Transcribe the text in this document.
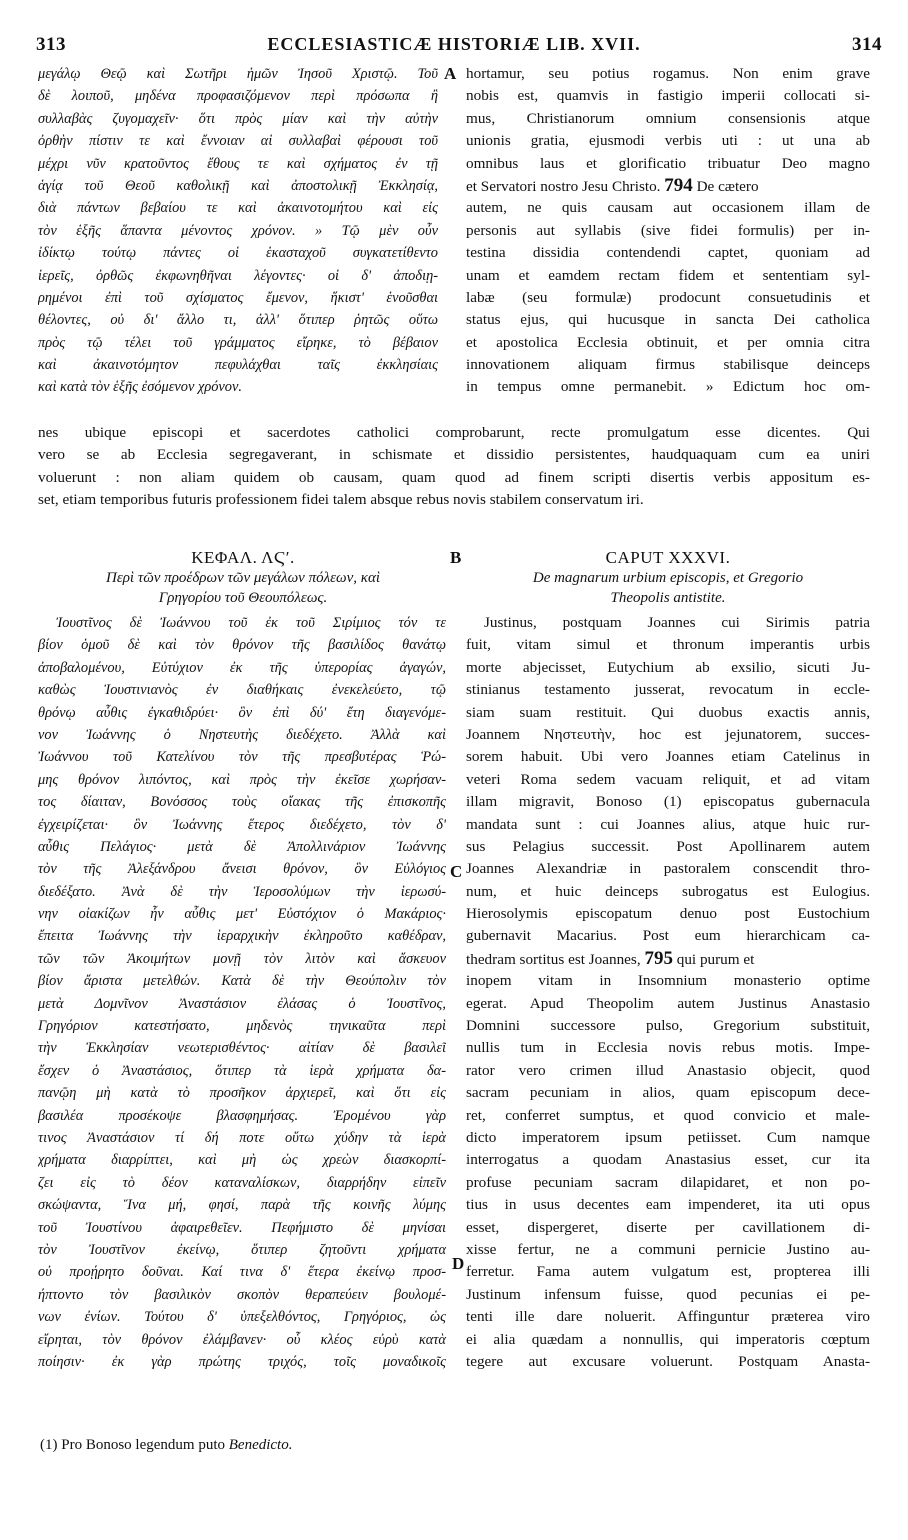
313	ECCLESIASTICÆ HISTORIÆ LIB. XVII.	314
μεγάλῳ Θεῷ καὶ Σωτῆρι ἡμῶν Ἰησοῦ Χριστῷ. Τοῦ
δὲ λοιποῦ, μηδένα προφασιζόμενον περὶ πρόσωπα ἢ
συλλαβὰς ζυγομαχεῖν· ὅτι πρὸς μίαν καὶ τὴν αὐτὴν
ὀρθὴν πίστιν τε καὶ ἔννοιαν αἱ συλλαβαὶ φέρουσι τοῦ
μέχρι νῦν κρατοῦντος ἔθους τε καὶ σχήματος ἐν τῇ
ἁγίᾳ τοῦ Θεοῦ καθολικῇ καὶ ἀποστολικῇ Ἐκκλησίᾳ,
διὰ πάντων βεβαίου τε καὶ ἀκαινοτομήτου καὶ εἰς
τὸν ἑξῆς ἅπαντα μένοντος χρόνον. » Τῷ μὲν οὖν
ἰδίκτῳ τούτῳ πάντες οἱ ἑκασταχοῦ συγκατετίθεντο
ἱερεῖς, ὀρθῶς ἐκφωνηθῆναι λέγοντες· οἱ δ' ἀποδιῃ-
ρημένοι ἐπὶ τοῦ σχίσματος ἔμενον, ἥκιστ' ἑνοῦσθαι
θέλοντες, οὐ δι' ἄλλο τι, ἀλλ' ὅτιπερ ῥητῶς οὕτω
πρὸς τῷ τέλει τοῦ γράμματος εἴρηκε, τὸ βέβαιον
καὶ ἀκαινοτόμητον πεφυλάχθαι ταῖς ἐκκλησίαις
καὶ κατὰ τὸν ἑξῆς ἐσόμενον χρόνον.
A hortamur, seu potius rogamus. Non enim grave
nobis est, quamvis in fastigio imperii collocati si-
mus, Christianorum omnium consensionis atque
unionis gratia, ejusmodi verbis uti : ut una ab
omnibus laus et glorificatio tribuatur Deo magno
et Servatori nostro Jesu Christo. 794 De cætero
autem, ne quis causam aut occasionem illam de
personis aut syllabis (sive fidei formulis) per in-
testina dissidia contendendi captet, quoniam ad
unam et eamdem rectam fidem et sententiam syl-
labæ (seu formulæ) prodocunt consuetudinis et
status ejus, qui hucusque in sancta Dei catholica
et apostolica Ecclesia obtinuit, et per omnia citra
innovationem aliquam firmus stabilisque deinceps
in tempus omne permanebit. » Edictum hoc om-
nes ubique episcopi et sacerdotes catholici comprobarunt, recte promulgatum esse dicentes. Qui
vero se ab Ecclesia segregaverant, in schismate et dissidio persistentes, haudquaquam cum ea uniri
voluerunt : non aliam quidem ob causam, quam quod ad finem scripti disertis verbis appositum es-
set, etiam temporibus futuris professionem fidei talem absque rebus novis stabilem conservatum iri.
ΚΕΦΑΛ. ΛϚʹ.
Περὶ τῶν προέδρων τῶν μεγάλων πόλεων, καὶ
Γρηγορίου τοῦ Θεουπόλεως.
B	CAPUT XXXVI.
De magnarum urbium episcopis, et Gregorio
Theopolis antistite.
Ἰουστῖνος δὲ Ἰωάννου τοῦ ἐκ τοῦ Σιρίμιος τόν τε
βίον ὁμοῦ δὲ καὶ τὸν θρόνον τῆς βασιλίδος θανάτῳ
ἀποβαλομένου, Εὐτύχιον ἐκ τῆς ὑπερορίας ἀγαγών,
καθὼς Ἰουστινιανὸς ἐν διαθήκαις ἐνεκελεύετο, τῷ
θρόνῳ αὖθις ἐγκαθιδρύει· ὃν ἐπὶ δύ' ἔτη διαγενόμε-
νον Ἰωάννης ὁ Νηστευτὴς διεδέχετο. Ἀλλὰ καὶ
Ἰωάννου τοῦ Κατελίνου τὸν τῆς πρεσβυτέρας Ῥώ-
μης θρόνον λιπόντος, καὶ πρὸς τὴν ἐκεῖσε χωρήσαν-
τος δίαιταν, Βονόσσος τοὺς οἴακας τῆς ἐπισκοπῆς
ἐγχειρίζεται· ὃν Ἰωάννης ἕτερος διεδέχετο, τὸν δ'
αὖθις Πελάγιος· μετὰ δὲ Ἀπολλινάριον Ἰωάννης
τὸν τῆς Ἀλεξάνδρου ἄνεισι θρόνον, ὃν Εὐλόγιος
διεδέξατο. Ἀνὰ δὲ τὴν Ἱεροσολύμων τὴν ἱερωσύ-
νην οἰακίζων ἦν αὖθις μετ' Εὐστόχιον ὁ Μακάριος·
ἔπειτα Ἰωάννης τὴν ἱεραρχικὴν ἐκληροῦτο καθέδραν,
τῶν τῶν Ἀκοιμήτων μονῇ τὸν λιτὸν καὶ ἄσκευον
βίον ἄριστα μετελθών. Κατὰ δὲ τὴν Θεούπολιν τὸν
μετὰ Δομνῖνον Ἀναστάσιον ἐλάσας ὁ Ἰουστῖνος,
Γρηγόριον κατεστήσατο, μηδενὸς τηνικαῦτα περὶ
τὴν Ἐκκλησίαν νεωτερισθέντος· αἰτίαν δὲ βασιλεῖ
ἔσχεν ὁ Ἀναστάσιος, ὅτιπερ τὰ ἱερὰ χρήματα δα-
πανῷη μὴ κατὰ τὸ προσῆκον ἀρχιερεῖ, καὶ ὅτι εἰς
βασιλέα προσέκοψε βλασφημήσας. Ἐρομένου γὰρ
τινος Ἀναστάσιον τί δή ποτε οὕτω χύδην τὰ ἱερὰ
χρήματα διαρρίπτει, καὶ μὴ ὡς χρεὼν διασκορπί-
ζει εἰς τὸ δέον καταναλίσκων, διαρρήδην εἰπεῖν
σκώψαντα, Ἵνα μή, φησί, παρὰ τῆς κοινῆς λύμης
τοῦ Ἰουστίνου ἀφαιρεθεῖεν. Πεφήμιστο δὲ μηνίσαι
τὸν Ἰουστῖνον ἐκείνῳ, ὅτιπερ ζητοῦντι χρήματα
οὐ προῄρητο δοῦναι. Καί τινα δ' ἕτερα ἐκείνῳ προσ-
ήπτοντο τὸν βασιλικὸν σκοπὸν θεραπεύειν βουλομέ-
νων ἐνίων. Τούτου δ' ὑπεξελθόντος, Γρηγόριος, ὡς
εἴρηται, τὸν θρόνον ἐλάμβανεν· οὗ κλέος εὐρὺ κατὰ
ποίησιν· ἐκ γὰρ πρώτης τριχός, τοῖς μοναδικοῖς
C
D
Justinus, postquam Joannes cui Sirimis patria
fuit, vitam simul et thronum imperantis urbis
morte abjecisset, Eutychium ab exsilio, sicuti Ju-
stinianus testamento jusserat, revocatum in eccle-
siam suam restituit. Qui duobus exactis annis,
Joannem Νηστευτὴν, hoc est jejunatorem, succes-
sorem habuit. Ubi vero Joannes etiam Catelinus in
veteri Roma sedem vacuam reliquit, et ad vitam
illam migravit, Bonoso (1) episcopatus gubernacula
mandata sunt : cui Joannes alius, atque huic rur-
sus Pelagius successit. Post Apollinarem autem
Joannes Alexandriæ in pastoralem conscendit thro-
num, et huic deinceps subrogatus est Eulogius.
Hierosolymis episcopatum denuo post Eustochium
gubernavit Macarius. Post eum hierarchicam ca-
thedram sortitus est Joannes, 795 qui purum et
inopem vitam in Insomnium monasterio optime
egerat. Apud Theopolim autem Justinus Anastasio
Domnini successore pulso, Gregorium substituit,
nullis tum in Ecclesia novis rebus motis. Impe-
rator vero crimen illud Anastasio objecit, quod
sacram pecuniam in alios, quam episcopum dece-
ret, conferret sumptus, et quod convicio et male-
dicto imperatorem ipsum petiisset. Cum namque
interrogatus a quodam Anastasius esset, cur ita
profuse pecuniam sacram dilapidaret, et non po-
tius in usus decentes eam impenderet, ita uti opus
esset, dispergeret, diserte per cavillationem di-
xisse fertur, ne a communi pernicie Justino au-
ferretur. Fama autem vulgatum est, propterea illi
Justinum infensum fuisse, quod pecunias ei pe-
tenti ille dare noluerit. Affinguntur præterea viro
ei alia quædam a nonnullis, qui imperatoris cœptum
tegere aut excusare voluerunt. Postquam Anasta-
(1) Pro Bonoso legendum puto Benedicto.
